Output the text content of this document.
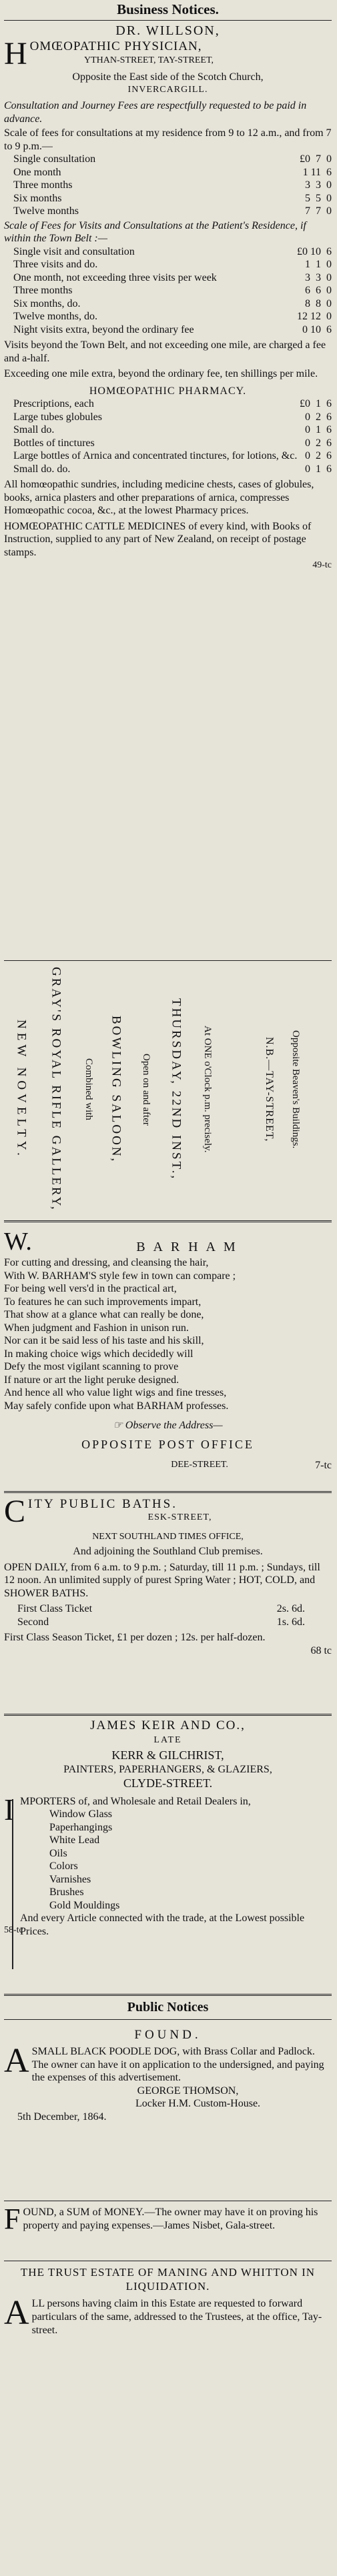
Business Notices.
DR. WILLSON,
H OMŒOPATHIC PHYSICIAN,
YTHAN-STREET, TAY-STREET,
Opposite the East side of the Scotch Church,
INVERCARGILL.
Consultation and Journey Fees are respectfully requested to be paid in advance.
Scale of fees for consultations at my residence from 9 to 12 a.m., and from 7 to 9 p.m.—
Single consultation	£0  7  0
One month	1 11  6
Three months	3  3  0
Six months	5  5  0
Twelve months	7  7  0
Scale of Fees for Visits and Consultations at the Patient's Residence, if within the Town Belt :—
Single visit and consultation	£0 10  6
Three visits and do.	1  1  0
One month, not exceeding three visits per week	3  3  0
Three months	6  6  0
Six months, do.	8  8  0
Twelve months, do.	12 12  0
Night visits extra, beyond the ordinary fee	0 10  6
Visits beyond the Town Belt, and not exceeding one mile, are charged a fee and a-half.
Exceeding one mile extra, beyond the ordinary fee, ten shillings per mile.
HOMŒOPATHIC PHARMACY.
Prescriptions, each	£0  1  6
Large tubes globules	0  2  6
Small do.	0  1  6
Bottles of tinctures	0  2  6
Large bottles of Arnica and concentrated tinctures, for lotions, &c. 0  2  6
Small do. do.	0  1  6
All homœopathic sundries, including medicine chests, cases of globules, books, arnica plasters and other preparations of arnica, compresses Homœopathic cocoa, &c., at the lowest Pharmacy prices.
HOMŒOPATHIC CATTLE MEDICINES of every kind, with Books of Instruction, supplied to any part of New Zealand, on receipt of postage stamps.
49-tc
NEW NOVELTY. GRAY'S ROYAL RIFLE GALLERY, Combined with BOWLING SALOON, Open on and after THURSDAY, 22ND INST., At ONE o'Clock p.m. precisely.	N.B.—TAY-STREET, Opposite Beaven's Buildings.
W.	B A R H A M
For cutting and dressing, and cleansing the hair,
With W. BARHAM'S style few in town can compare ;
For being well vers'd in the practical art,
To features he can such improvements impart,
That show at a glance what can really be done,
When judgment and Fashion in unison run.
Nor can it be said less of his taste and his skill,
In making choice wigs which decidedly will
Defy the most vigilant scanning to prove
If nature or art the light peruke designed.
And hence all who value light wigs and fine tresses,
May safely confide upon what BARHAM professes.
☞ Observe the Address—
OPPOSITE POST OFFICE
DEE-STREET.	7-tc
C ITY PUBLIC BATHS.
ESK-STREET,
NEXT SOUTHLAND TIMES OFFICE,
And adjoining the Southland Club premises.
OPEN DAILY, from 6 a.m. to 9 p.m. ; Saturday, till 11 p.m. ; Sundays, till 12 noon. An unlimited supply of purest Spring Water ; HOT, COLD, and SHOWER BATHS.
First Class Ticket	2s. 6d.
Second	1s. 6d.
First Class Season Ticket, £1 per dozen ; 12s. per half-dozen.
68 tc
JAMES KEIR AND CO.,
LATE
KERR & GILCHRIST,
PAINTERS, PAPERHANGERS, & GLAZIERS,
CLYDE-STREET.
I MPORTERS of, and Wholesale and Retail Dealers in,
Window Glass
Paperhangings
White Lead
Oils
Colors
Varnishes
Brushes
Gold Mouldings
And every Article connected with the trade, at the Lowest possible Prices.
58-tc
Public Notices
FOUND.
A SMALL BLACK POODLE DOG, with Brass Collar and Padlock. The owner can have it on application to the undersigned, and paying the expenses of this advertisement.
GEORGE THOMSON,
Locker H.M. Custom-House.
5th December, 1864.
F OUND, a SUM of MONEY.—The owner may have it on proving his property and paying expenses.—James Nisbet, Gala-street.
THE TRUST ESTATE OF MANING AND WHITTON IN LIQUIDATION.
A LL persons having claim in this Estate are requested to forward particulars of the same, addressed to the Trustees, at the office, Tay-street.
